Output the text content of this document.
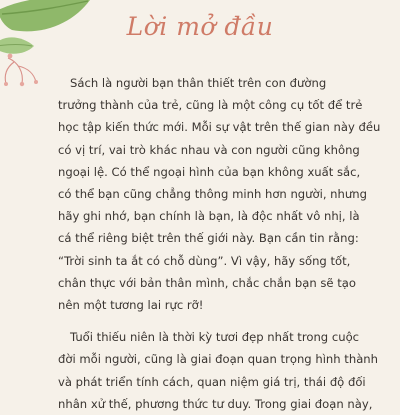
Lời mở đầu

Sách là người bạn thân thiết trên con đường
trưởng thành của trẻ, cũng là một công cụ tốt để trẻ
học tập kiến thức mới. Mỗi sự vật trên thế gian này đều
có vị trí, vai trò khác nhau và con người cũng không
ngoại lệ. Có thể ngoại hình của bạn không xuất sắc,
có thể bạn cũng chẳng thông minh hơn người, nhưng
hãy ghi nhớ, bạn chính là bạn, là độc nhất vô nhị, là
cá thể riêng biệt trên thế giới này. Bạn cần tin rằng:
“Trời sinh ta ắt có chỗ dùng”. Vì vậy, hãy sống tốt,
chân thực với bản thân mình, chắc chắn bạn sẽ tạo
nên một tương lai rực rỡ!

Tuổi thiếu niên là thời kỳ tươi đẹp nhất trong cuộc
đời mỗi người, cũng là giai đoạn quan trọng hình thành
và phát triển tính cách, quan niệm giá trị, thái độ đối
nhân xử thế, phương thức tư duy. Trong giai đoạn này,
